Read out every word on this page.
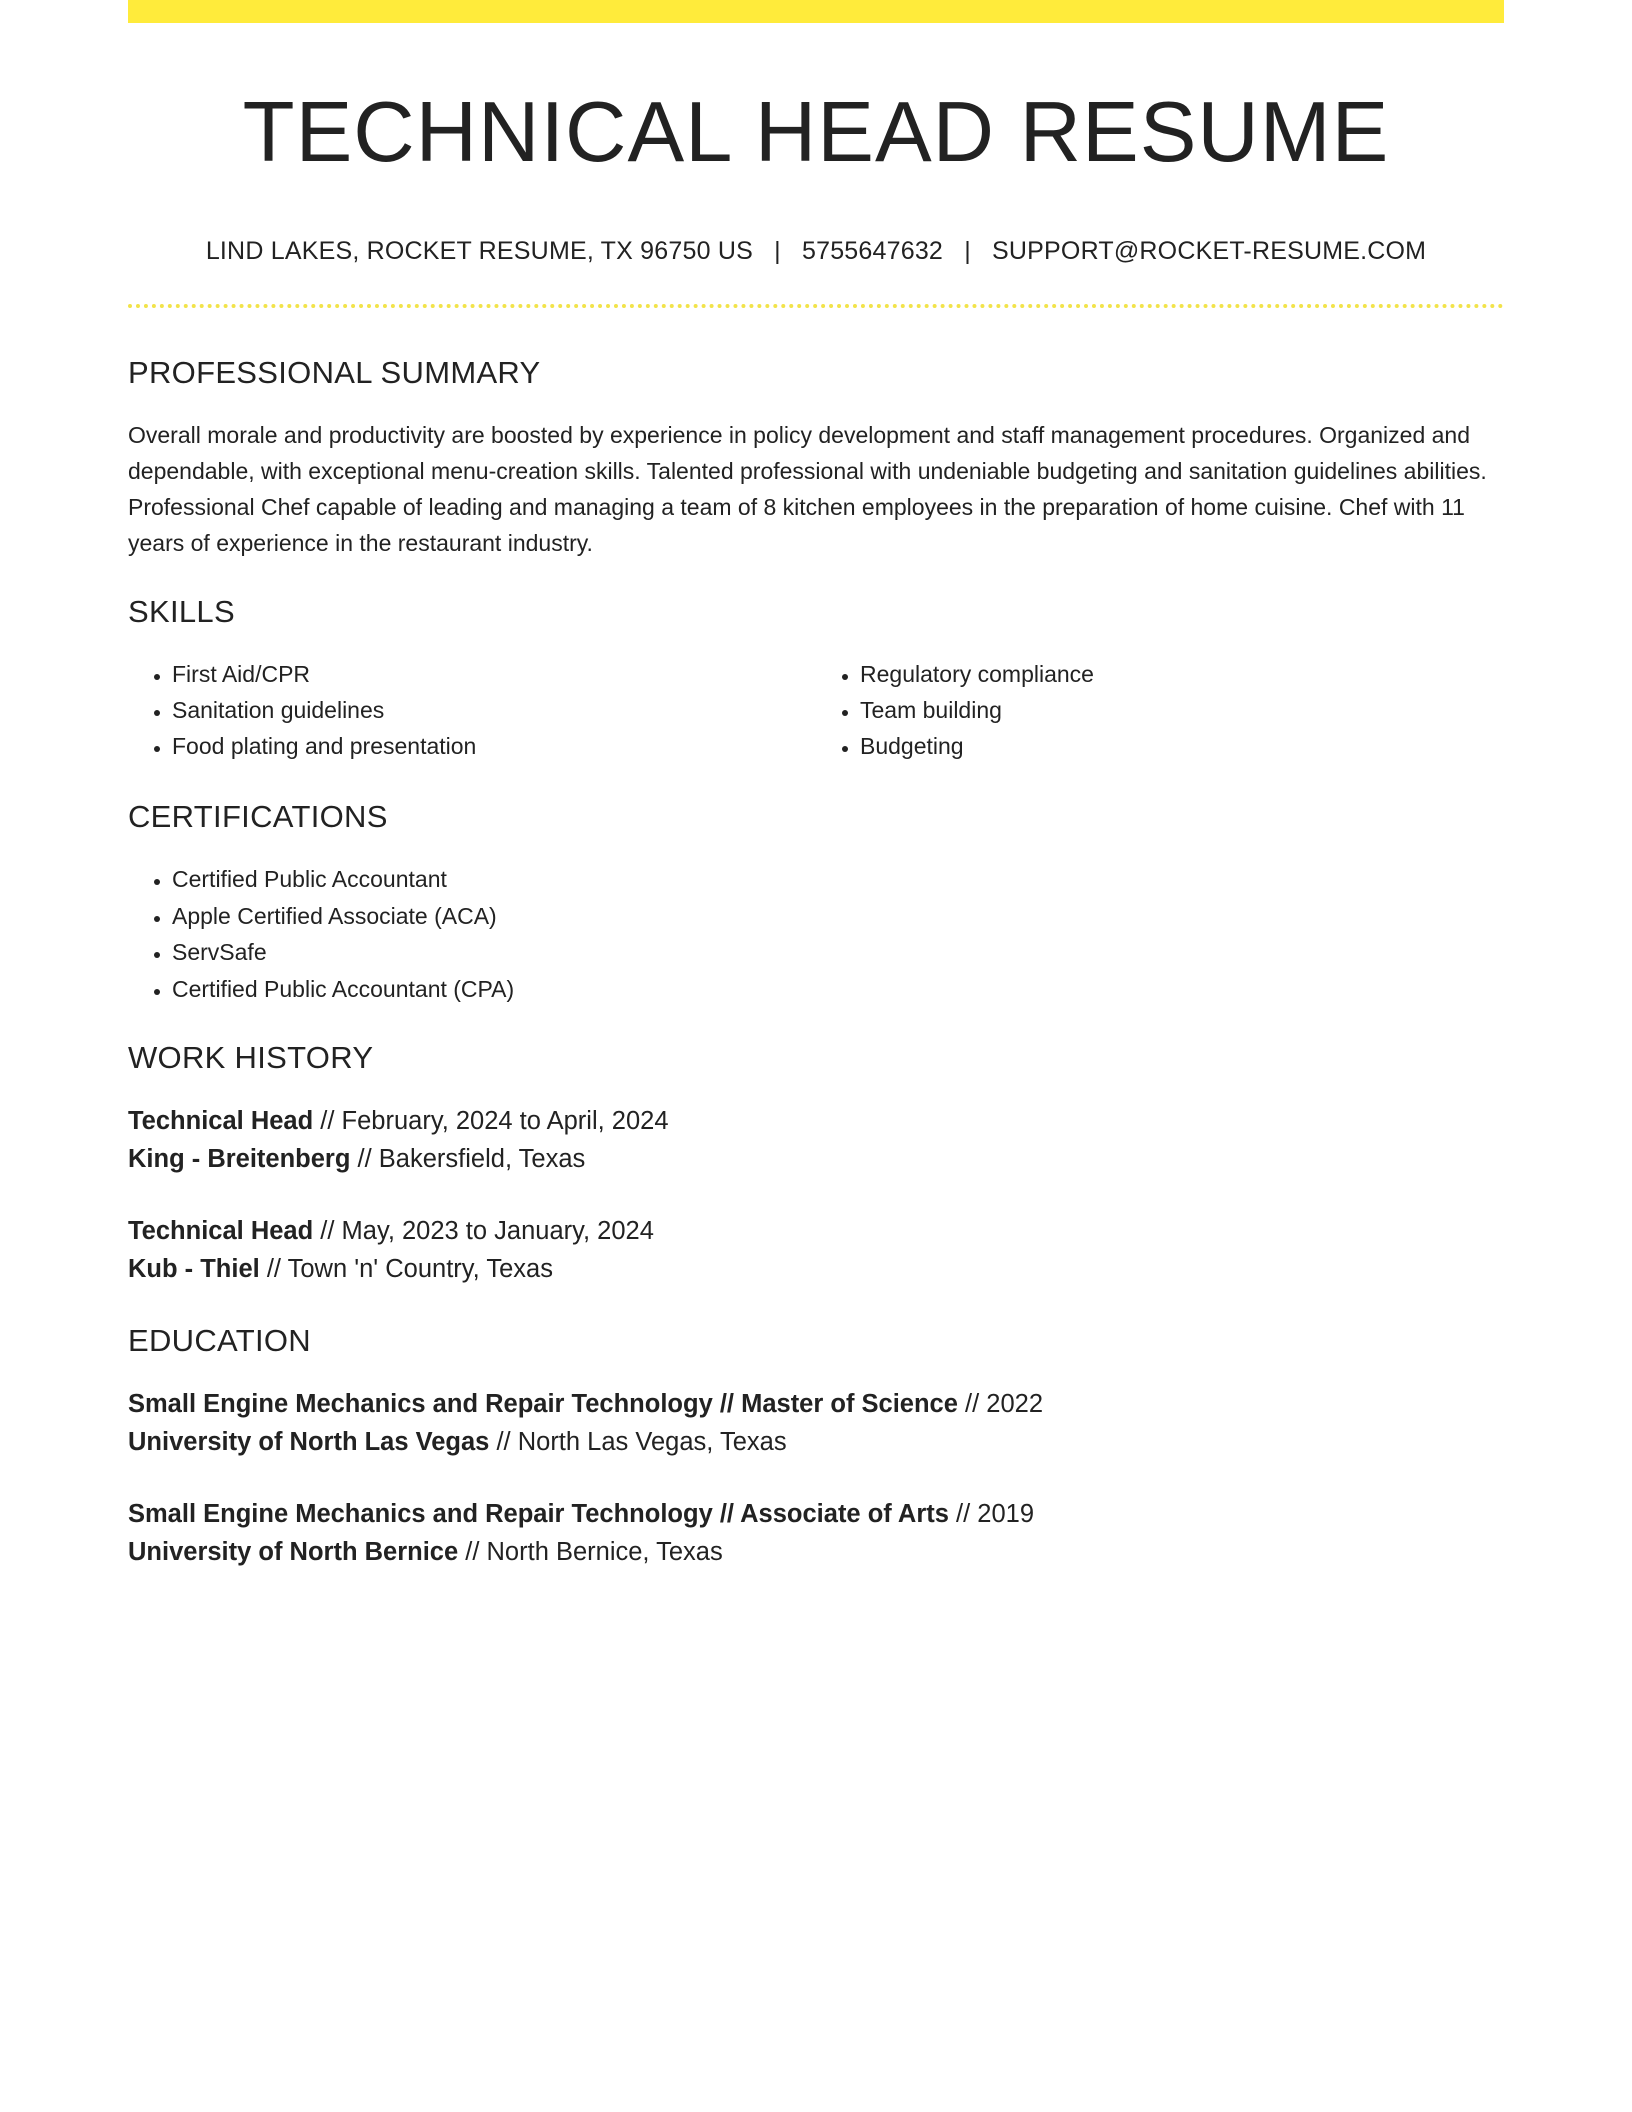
TECHNICAL HEAD RESUME
LIND LAKES, ROCKET RESUME, TX 96750 US | 5755647632 | SUPPORT@ROCKET-RESUME.COM
PROFESSIONAL SUMMARY
Overall morale and productivity are boosted by experience in policy development and staff management procedures. Organized and dependable, with exceptional menu-creation skills. Talented professional with undeniable budgeting and sanitation guidelines abilities. Professional Chef capable of leading and managing a team of 8 kitchen employees in the preparation of home cuisine. Chef with 11 years of experience in the restaurant industry.
SKILLS
• First Aid/CPR
• Sanitation guidelines
• Food plating and presentation
• Regulatory compliance
• Team building
• Budgeting
CERTIFICATIONS
• Certified Public Accountant
• Apple Certified Associate (ACA)
• ServSafe
• Certified Public Accountant (CPA)
WORK HISTORY
Technical Head // February, 2024 to April, 2024
King - Breitenberg // Bakersfield, Texas
Technical Head // May, 2023 to January, 2024
Kub - Thiel // Town 'n' Country, Texas
EDUCATION
Small Engine Mechanics and Repair Technology // Master of Science // 2022
University of North Las Vegas // North Las Vegas, Texas
Small Engine Mechanics and Repair Technology // Associate of Arts // 2019
University of North Bernice // North Bernice, Texas
